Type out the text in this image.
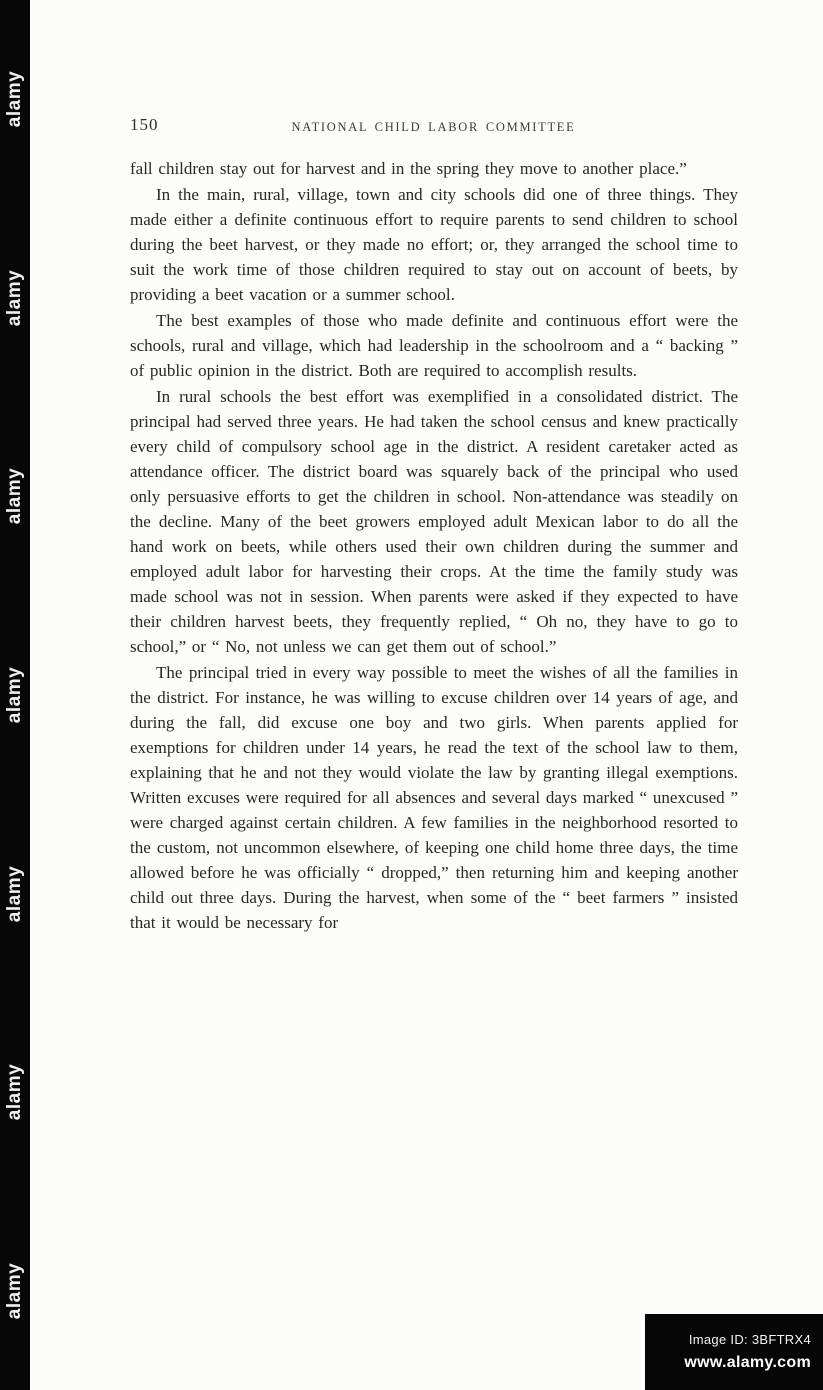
alamy
alamy
alamy
alamy
alamy
alamy
alamy
150	NATIONAL CHILD LABOR COMMITTEE

fall children stay out for harvest and in the spring they move to another place.”

In the main, rural, village, town and city schools did one of three things. They made either a definite continuous effort to require parents to send children to school during the beet harvest, or they made no effort; or, they arranged the school time to suit the work time of those children required to stay out on account of beets, by providing a beet vacation or a summer school.

The best examples of those who made definite and continuous effort were the schools, rural and village, which had leadership in the schoolroom and a “ backing ” of public opinion in the district. Both are required to accomplish results.

In rural schools the best effort was exemplified in a consolidated district. The principal had served three years. He had taken the school census and knew practically every child of compulsory school age in the district. A resident caretaker acted as attendance officer. The district board was squarely back of the principal who used only persuasive efforts to get the children in school. Non-attendance was steadily on the decline. Many of the beet growers employed adult Mexican labor to do all the hand work on beets, while others used their own children during the summer and employed adult labor for harvesting their crops. At the time the family study was made school was not in session. When parents were asked if they expected to have their children harvest beets, they frequently replied, “ Oh no, they have to go to school,” or “ No, not unless we can get them out of school.”

The principal tried in every way possible to meet the wishes of all the families in the district. For instance, he was willing to excuse children over 14 years of age, and during the fall, did excuse one boy and two girls. When parents applied for exemptions for children under 14 years, he read the text of the school law to them, explaining that he and not they would violate the law by granting illegal exemptions. Written excuses were required for all absences and several days marked “ unexcused ” were charged against certain children. A few families in the neighborhood resorted to the custom, not uncommon elsewhere, of keeping one child home three days, the time allowed before he was officially “ dropped,” then returning him and keeping another child out three days. During the harvest, when some of the “ beet farmers ” insisted that it would be necessary for

Image ID: 3BFTRX4
www.alamy.com
